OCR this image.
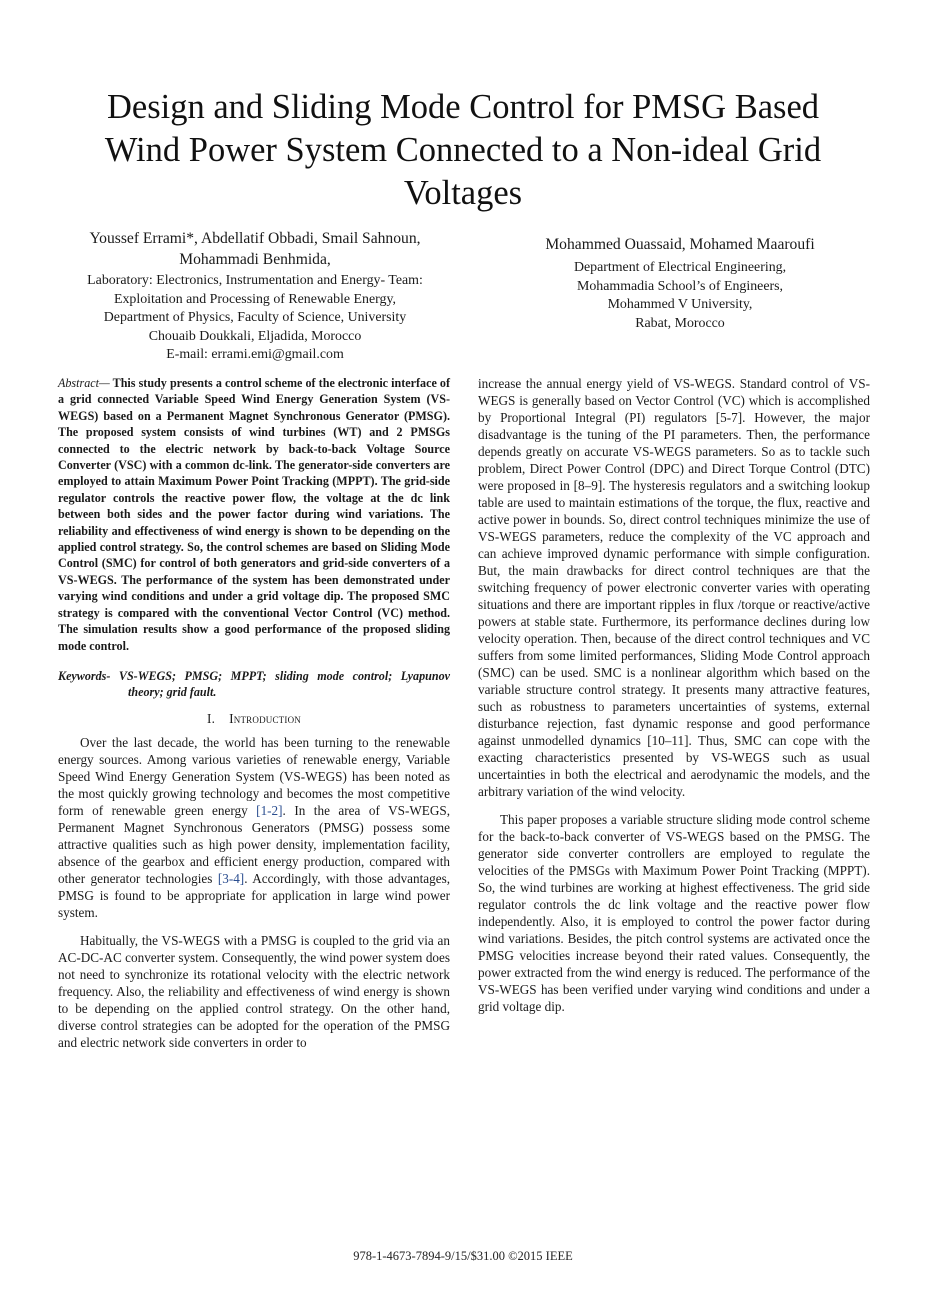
Design and Sliding Mode Control for PMSG Based
Wind Power System Connected to a Non-ideal Grid
Voltages
Youssef Errami*, Abdellatif Obbadi, Smail Sahnoun,
Mohammadi Benhmida,
Laboratory: Electronics, Instrumentation and Energy- Team:
Exploitation and Processing of Renewable Energy,
Department of Physics, Faculty of Science, University
Chouaib Doukkali, Eljadida, Morocco
E-mail: errami.emi@gmail.com
Mohammed Ouassaid, Mohamed Maaroufi
Department of Electrical Engineering,
Mohammadia School’s of Engineers,
Mohammed V University,
Rabat, Morocco

Abstract— This study presents a control scheme of the electronic interface of a grid connected Variable Speed Wind Energy Generation System (VS-WEGS) based on a Permanent Magnet Synchronous Generator (PMSG). The proposed system consists of wind turbines (WT) and 2 PMSGs connected to the electric network by back-to-back Voltage Source Converter (VSC) with a common dc-link. The generator-side converters are employed to attain Maximum Power Point Tracking (MPPT). The grid-side regulator controls the reactive power flow, the voltage at the dc link between both sides and the power factor during wind variations. The reliability and effectiveness of wind energy is shown to be depending on the applied control strategy. So, the control schemes are based on Sliding Mode Control (SMC) for control of both generators and grid-side converters of a VS-WEGS. The performance of the system has been demonstrated under varying wind conditions and under a grid voltage dip. The proposed SMC strategy is compared with the conventional Vector Control (VC) method. The simulation results show a good performance of the proposed sliding mode control.

Keywords- VS-WEGS; PMSG; MPPT; sliding mode control; Lyapunov theory; grid fault.

I. Introduction

Over the last decade, the world has been turning to the renewable energy sources. Among various varieties of renewable energy, Variable Speed Wind Energy Generation System (VS-WEGS) has been noted as the most quickly growing technology and becomes the most competitive form of renewable green energy [1-2]. In the area of VS-WEGS, Permanent Magnet Synchronous Generators (PMSG) possess some attractive qualities such as high power density, implementation facility, absence of the gearbox and efficient energy production, compared with other generator technologies [3-4]. Accordingly, with those advantages, PMSG is found to be appropriate for application in large wind power system.

Habitually, the VS-WEGS with a PMSG is coupled to the grid via an AC-DC-AC converter system. Consequently, the wind power system does not need to synchronize its rotational velocity with the electric network frequency. Also, the reliability and effectiveness of wind energy is shown to be depending on the applied control strategy. On the other hand, diverse control strategies can be adopted for the operation of the PMSG and electric network side converters in order to

increase the annual energy yield of VS-WEGS. Standard control of VS-WEGS is generally based on Vector Control (VC) which is accomplished by Proportional Integral (PI) regulators [5-7]. However, the major disadvantage is the tuning of the PI parameters. Then, the performance depends greatly on accurate VS-WEGS parameters. So as to tackle such problem, Direct Power Control (DPC) and Direct Torque Control (DTC) were proposed in [8–9]. The hysteresis regulators and a switching lookup table are used to maintain estimations of the torque, the flux, reactive and active power in bounds. So, direct control techniques minimize the use of VS-WEGS parameters, reduce the complexity of the VC approach and can achieve improved dynamic performance with simple configuration. But, the main drawbacks for direct control techniques are that the switching frequency of power electronic converter varies with operating situations and there are important ripples in flux /torque or reactive/active powers at stable state. Furthermore, its performance declines during low velocity operation. Then, because of the direct control techniques and VC suffers from some limited performances, Sliding Mode Control approach (SMC) can be used. SMC is a nonlinear algorithm which based on the variable structure control strategy. It presents many attractive features, such as robustness to parameters uncertainties of systems, external disturbance rejection, fast dynamic response and good performance against unmodelled dynamics [10–11]. Thus, SMC can cope with the exacting characteristics presented by VS-WEGS such as usual uncertainties in both the electrical and aerodynamic the models, and the arbitrary variation of the wind velocity.

This paper proposes a variable structure sliding mode control scheme for the back-to-back converter of VS-WEGS based on the PMSG. The generator side converter controllers are employed to regulate the velocities of the PMSGs with Maximum Power Point Tracking (MPPT). So, the wind turbines are working at highest effectiveness. The grid side regulator controls the dc link voltage and the reactive power flow independently. Also, it is employed to control the power factor during wind variations. Besides, the pitch control systems are activated once the PMSG velocities increase beyond their rated values. Consequently, the power extracted from the wind energy is reduced. The performance of the VS-WEGS has been verified under varying wind conditions and under a grid voltage dip.

978-1-4673-7894-9/15/$31.00 ©2015 IEEE
